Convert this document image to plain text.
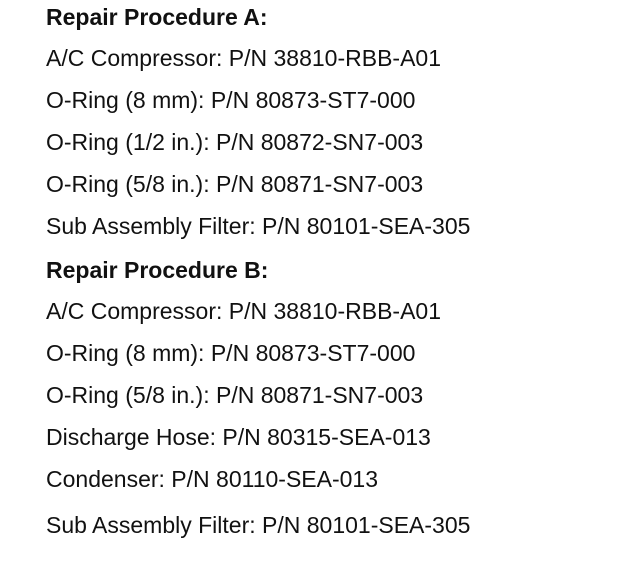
Repair Procedure A:
A/C Compressor: P/N 38810-RBB-A01
O-Ring (8 mm): P/N 80873-ST7-000
O-Ring (1/2 in.): P/N 80872-SN7-003
O-Ring (5/8 in.): P/N 80871-SN7-003
Sub Assembly Filter: P/N 80101-SEA-305
Repair Procedure B:
A/C Compressor: P/N 38810-RBB-A01
O-Ring (8 mm): P/N 80873-ST7-000
O-Ring (5/8 in.): P/N 80871-SN7-003
Discharge Hose: P/N 80315-SEA-013
Condenser: P/N 80110-SEA-013
Sub Assembly Filter: P/N 80101-SEA-305
